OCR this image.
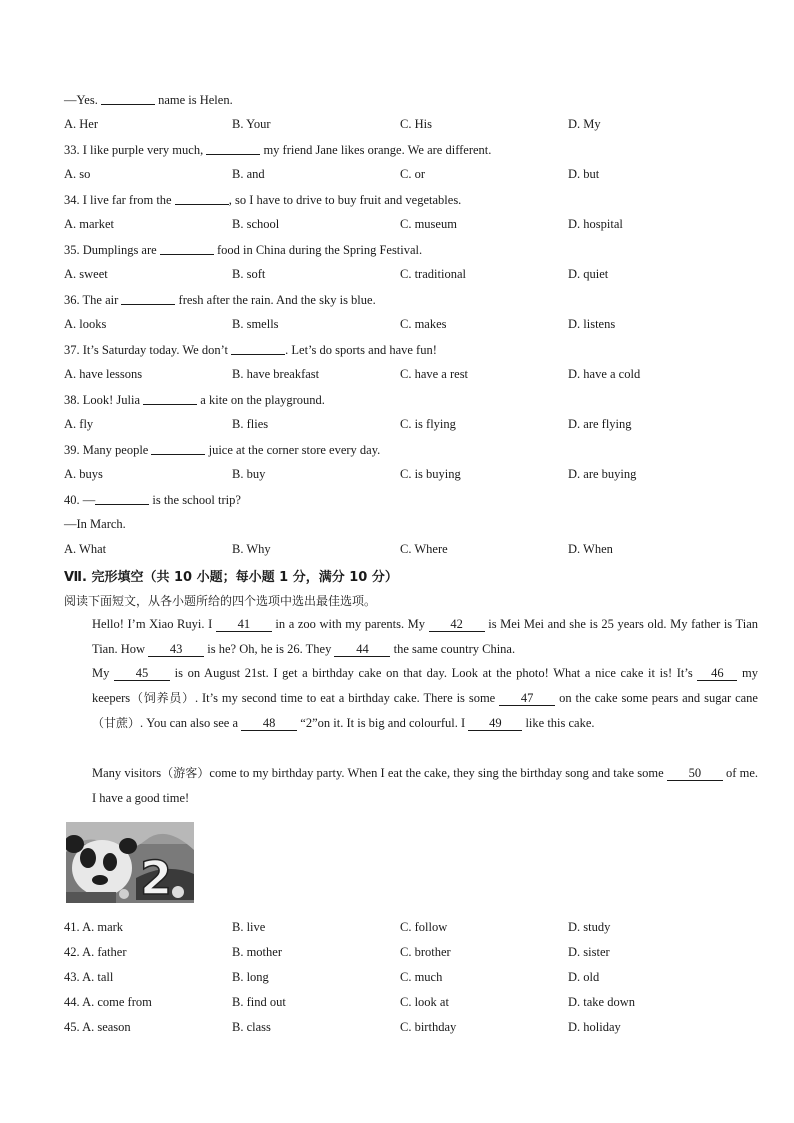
—Yes.	name is Helen.
A. Her	B. Your	C. His	D. My
33. I like purple very much,	my friend Jane likes orange. We are different.
A. so	B. and	C. or	D. but
34. I live far from the	, so I have to drive to buy fruit and vegetables.
A. market	B. school	C. museum	D. hospital
35. Dumplings are	food in China during the Spring Festival.
A. sweet	B. soft	C. traditional	D. quiet
36. The air	fresh after the rain. And the sky is blue.
A. looks	B. smells	C. makes	D. listens
37. It’s Saturday today. We don’t	. Let’s do sports and have fun!
A. have lessons	B. have breakfast	C. have a rest	D. have a cold
38. Look! Julia	a kite on the playground.
A. fly	B. flies	C. is flying	D. are flying
39. Many people	juice at the corner store every day.
A. buys	B. buy	C. is buying	D. are buying
40. —	is the school trip?
—In March.
A. What	B. Why	C. Where	D. When
Ⅶ. 完形填空（共 10 小题；每小题 1 分，满分 10 分）
阅读下面短文，从各小题所给的四个选项中选出最佳选项。
Hello! I’m Xiao Ruyi. I 41 in a zoo with my parents. My 42 is Mei Mei and she is 25 years old. My father is Tian Tian. How 43 is he? Oh, he is 26. They 44 the same country China.
My 45 is on August 21st. I get a birthday cake on that day. Look at the photo! What a nice cake it is! It’s 46 my keepers（饲养员）. It’s my second time to eat a birthday cake. There is some 47 on the cake some pears and sugar cane（甘蔗）. You can also see a 48 “2”on it. It is big and colourful. I 49 like this cake.
Many visitors（游客）come to my birthday party. When I eat the cake, they sing the birthday song and take some 50 of me. I have a good time!
2
41. A. mark	B. live	C. follow	D. study
42. A. father	B. mother	C. brother	D. sister
43. A. tall	B. long	C. much	D. old
44. A. come from	B. find out	C. look at	D. take down
45. A. season	B. class	C. birthday	D. holiday
